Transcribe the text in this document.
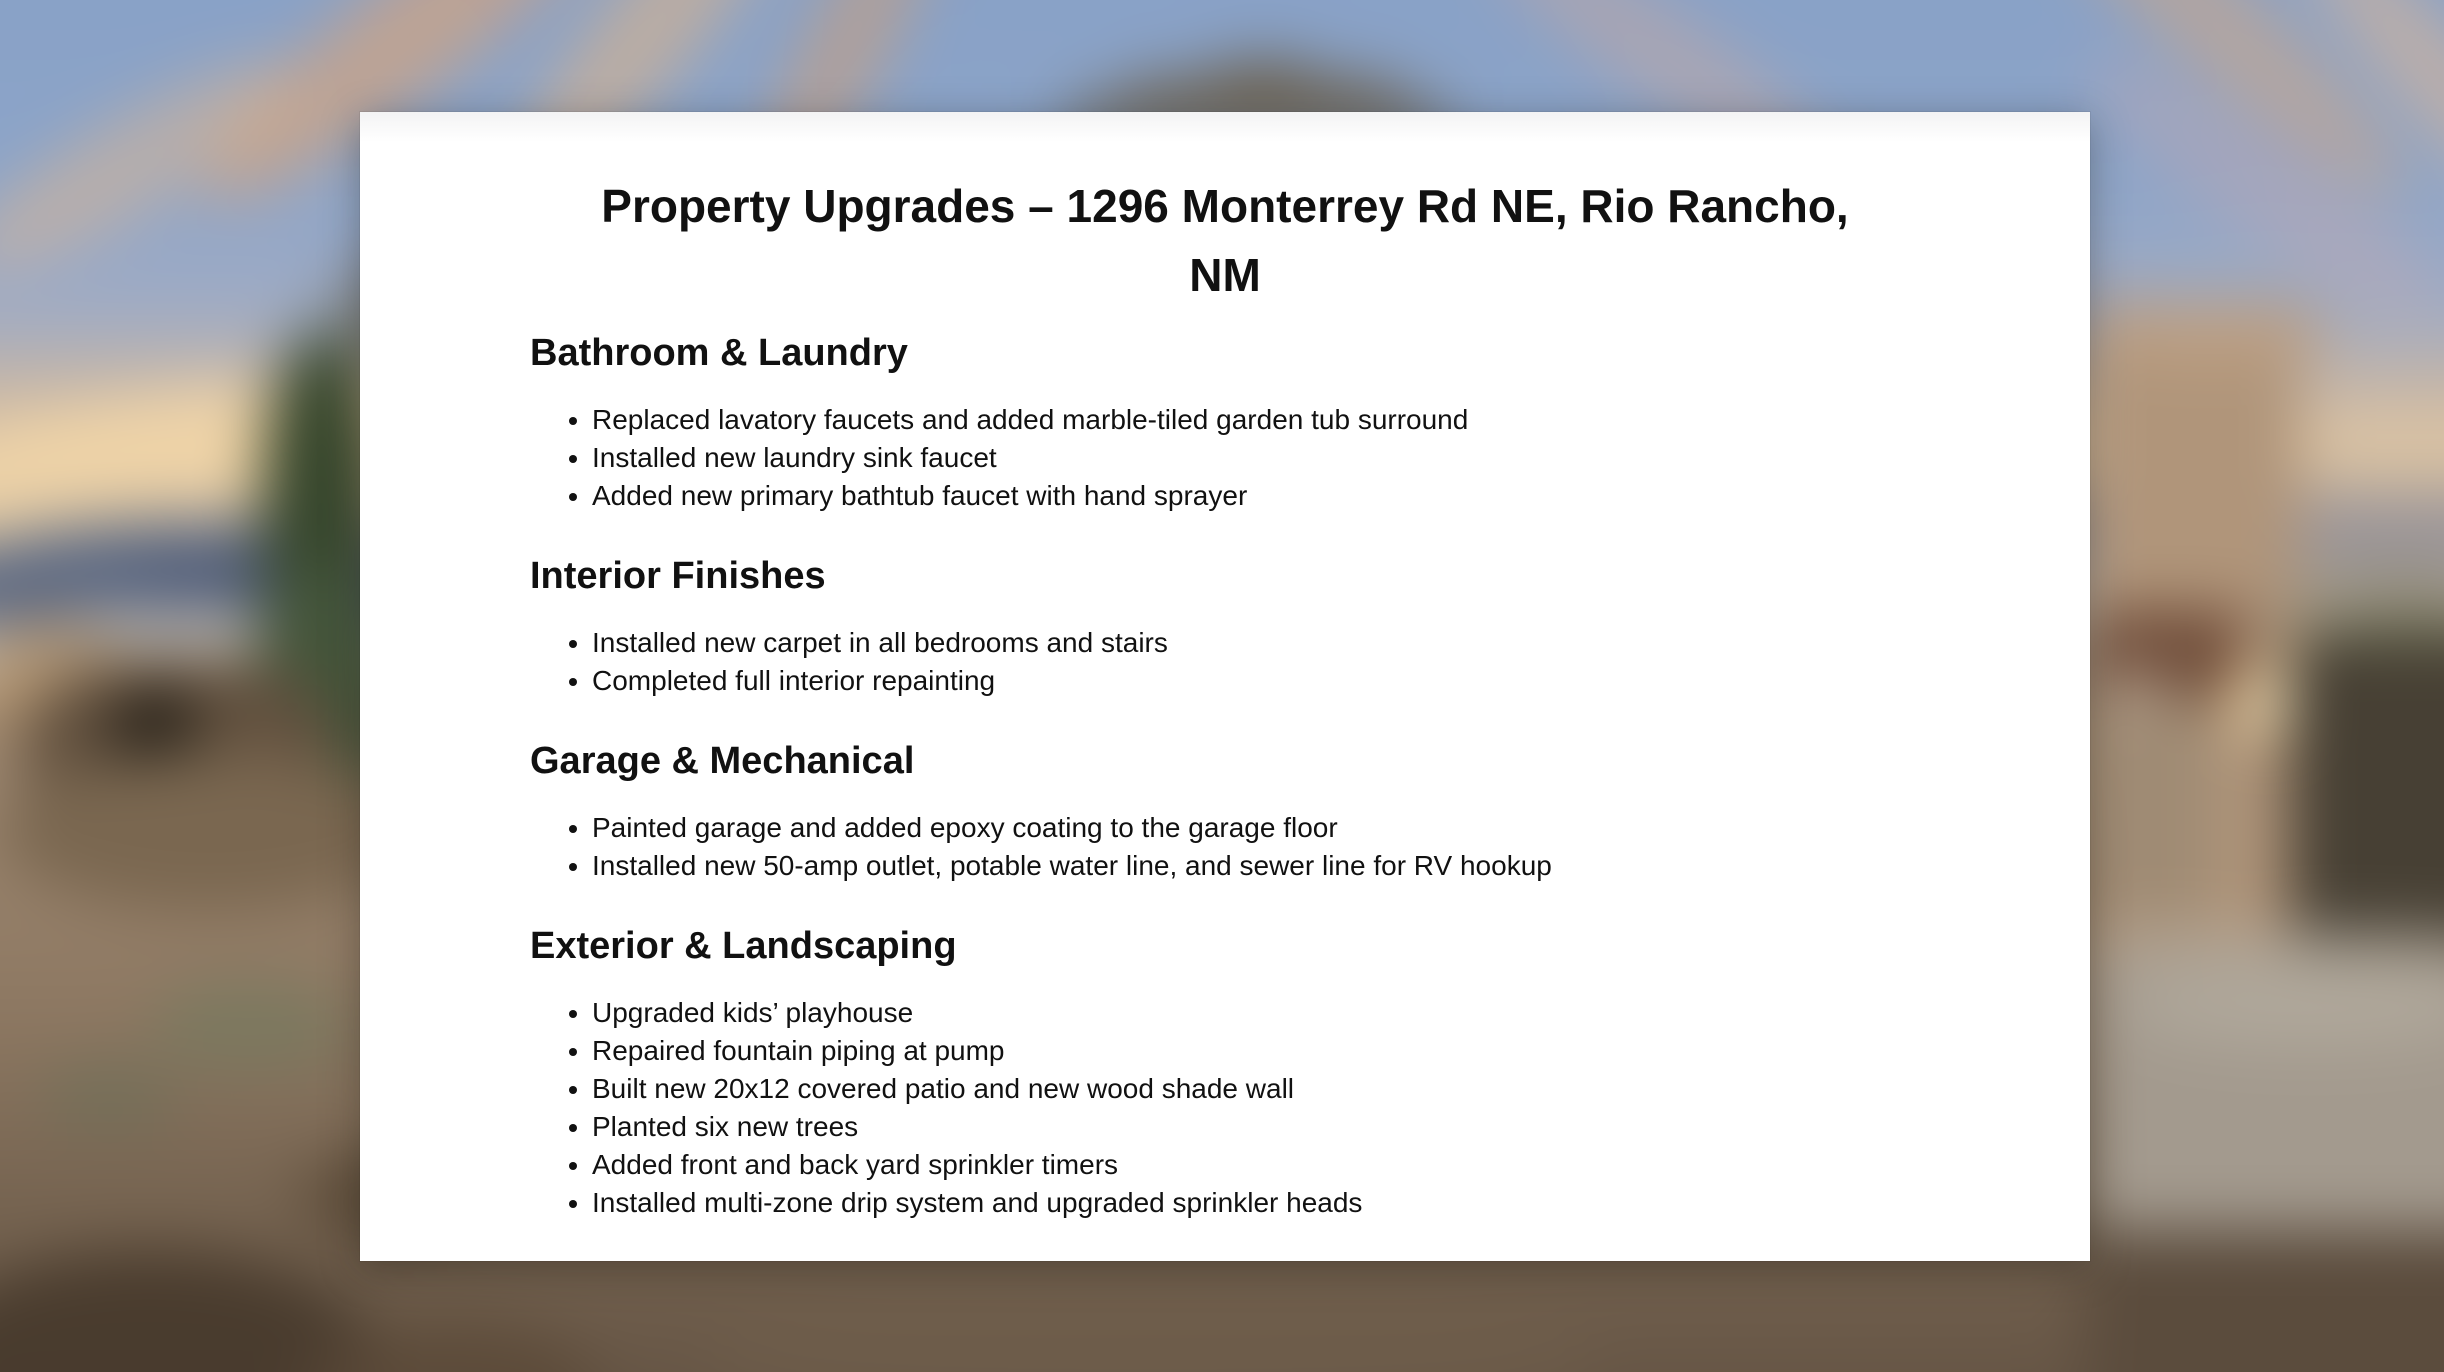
Property Upgrades – 1296 Monterrey Rd NE, Rio Rancho, NM
Bathroom & Laundry
• Replaced lavatory faucets and added marble-tiled garden tub surround
• Installed new laundry sink faucet
• Added new primary bathtub faucet with hand sprayer
Interior Finishes
• Installed new carpet in all bedrooms and stairs
• Completed full interior repainting
Garage & Mechanical
• Painted garage and added epoxy coating to the garage floor
• Installed new 50-amp outlet, potable water line, and sewer line for RV hookup
Exterior & Landscaping
• Upgraded kids’ playhouse
• Repaired fountain piping at pump
• Built new 20x12 covered patio and new wood shade wall
• Planted six new trees
• Added front and back yard sprinkler timers
• Installed multi-zone drip system and upgraded sprinkler heads
